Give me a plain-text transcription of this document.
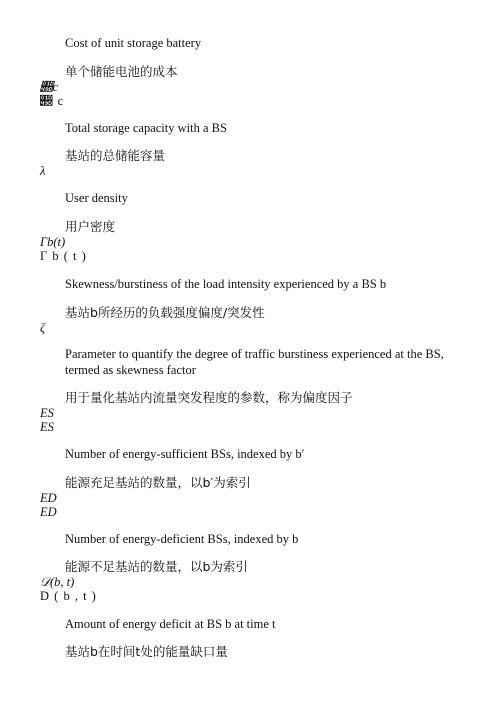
Cost of unit storage battery
单个储能电池的成本
𝒝c
𝒝 c
Total storage capacity with a BS
基站的总储能容量
λ
User density
用户密度
Γb(t)
Γ b ( t )
Skewness/burstiness of the load intensity experienced by a BS b
基站b所经历的负载强度偏度/突发性
ζ
Parameter to quantify the degree of traffic burstiness experienced at the BS, termed as skewness factor
用于量化基站内流量突发程度的参数，称为偏度因子
ES
ES
Number of energy-sufficient BSs, indexed by b′
能源充足基站的数量，以b′为索引
ED
ED
Number of energy-deficient BSs, indexed by b
能源不足基站的数量，以b为索引
𝒟(b, t)
D ( b , t )
Amount of energy deficit at BS b at time t
基站b在时间t处的能量缺口量
